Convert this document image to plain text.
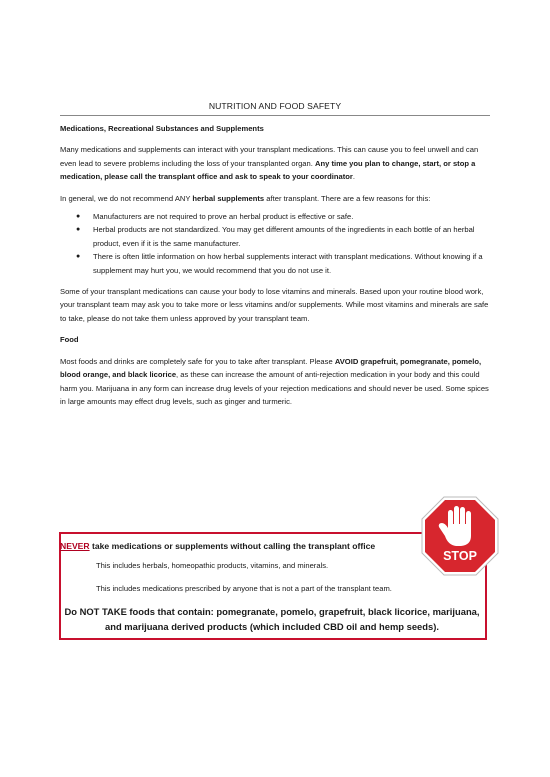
NUTRITION AND FOOD SAFETY

Medications, Recreational Substances and Supplements

Many medications and supplements can interact with your transplant medications. This can cause you to feel unwell and can even lead to severe problems including the loss of your transplanted organ. Any time you plan to change, start, or stop a medication, please call the transplant office and ask to speak to your coordinator.

In general, we do not recommend ANY herbal supplements after transplant. There are a few reasons for this:

● Manufacturers are not required to prove an herbal product is effective or safe.
● Herbal products are not standardized. You may get different amounts of the ingredients in each bottle of an herbal product, even if it is the same manufacturer.
● There is often little information on how herbal supplements interact with transplant medications. Without knowing if a supplement may hurt you, we would recommend that you do not use it.

Some of your transplant medications can cause your body to lose vitamins and minerals. Based upon your routine blood work, your transplant team may ask you to take more or less vitamins and/or supplements. While most vitamins and minerals are safe to take, please do not take them unless approved by your transplant team.

Food

Most foods and drinks are completely safe for you to take after transplant. Please AVOID grapefruit, pomegranate, pomelo, blood orange, and black licorice, as these can increase the amount of anti-rejection medication in your body and this could harm you. Marijuana in any form can increase drug levels of your rejection medications and should never be used. Some spices in large amounts may effect drug levels, such as ginger and turmeric.

NEVER take medications or supplements without calling the transplant office
This includes herbals, homeopathic products, vitamins, and minerals.
This includes medications prescribed by anyone that is not a part of the transplant team.
Do NOT TAKE foods that contain: pomegranate, pomelo, grapefruit, black licorice, marijuana, and marijuana derived products (which included CBD oil and hemp seeds).
STOP
